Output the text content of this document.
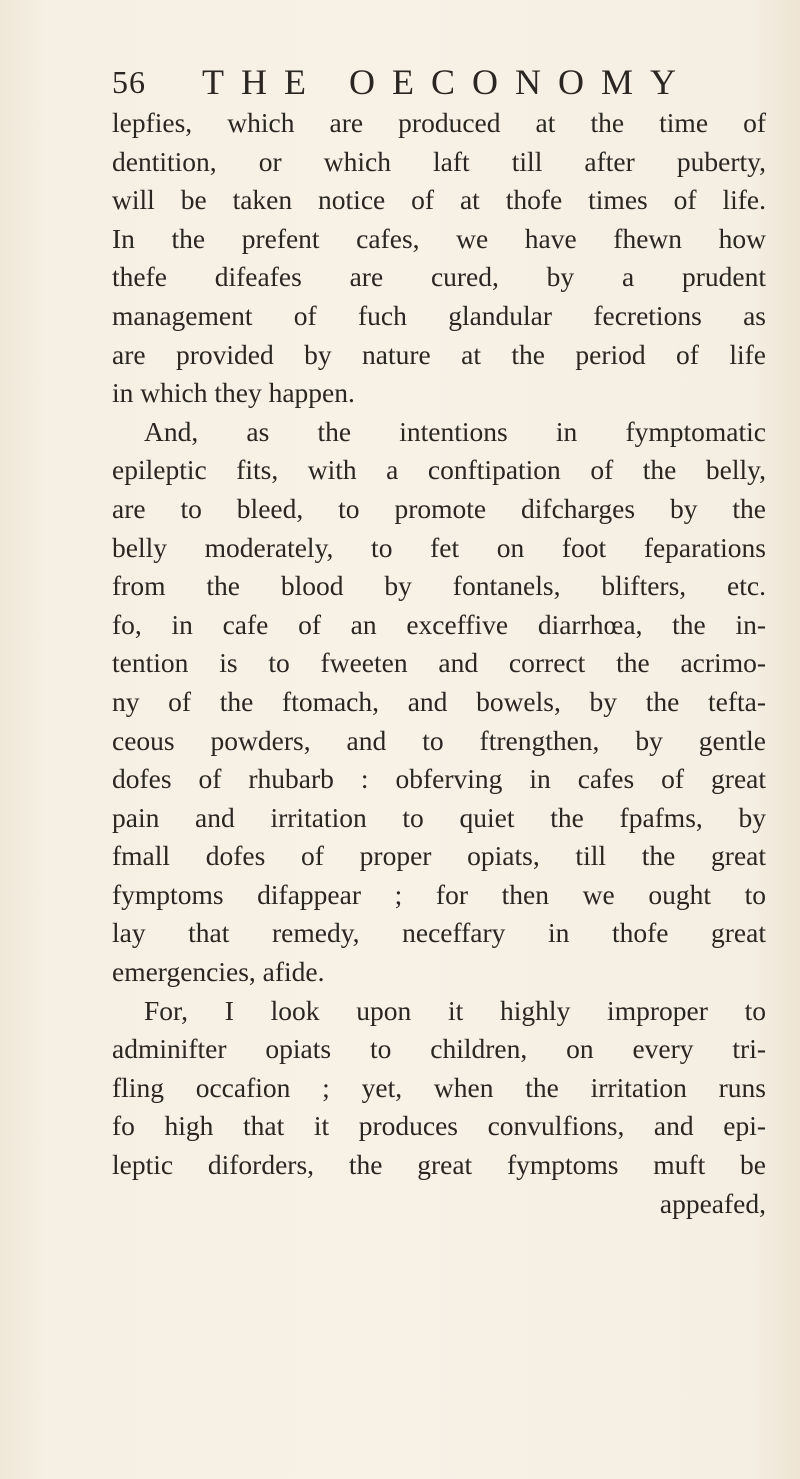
56 THE OECONOMY
lepfies, which are produced at the time of
dentition, or which laft till after puberty,
will be taken notice of at thofe times of life.
In the prefent cafes, we have fhewn how
thefe difeafes are cured, by a prudent
management of fuch glandular fecretions as
are provided by nature at the period of life
in which they happen.
And, as the intentions in fymptomatic
epileptic fits, with a conftipation of the belly,
are to bleed, to promote difcharges by the
belly moderately, to fet on foot feparations
from the blood by fontanels, blifters, etc.
fo, in cafe of an exceffive diarrhœa, the in-
tention is to fweeten and correct the acrimo-
ny of the ftomach, and bowels, by the tefta-
ceous powders, and to ftrengthen, by gentle
dofes of rhubarb : obferving in cafes of great
pain and irritation to quiet the fpafms, by
fmall dofes of proper opiats, till the great
fymptoms difappear ; for then we ought to
lay that remedy, neceffary in thofe great
emergencies, afide.
For, I look upon it highly improper to
adminifter opiats to children, on every tri-
fling occafion ; yet, when the irritation runs
fo high that it produces convulfions, and epi-
leptic diforders, the great fymptoms muft be
appeafed,
